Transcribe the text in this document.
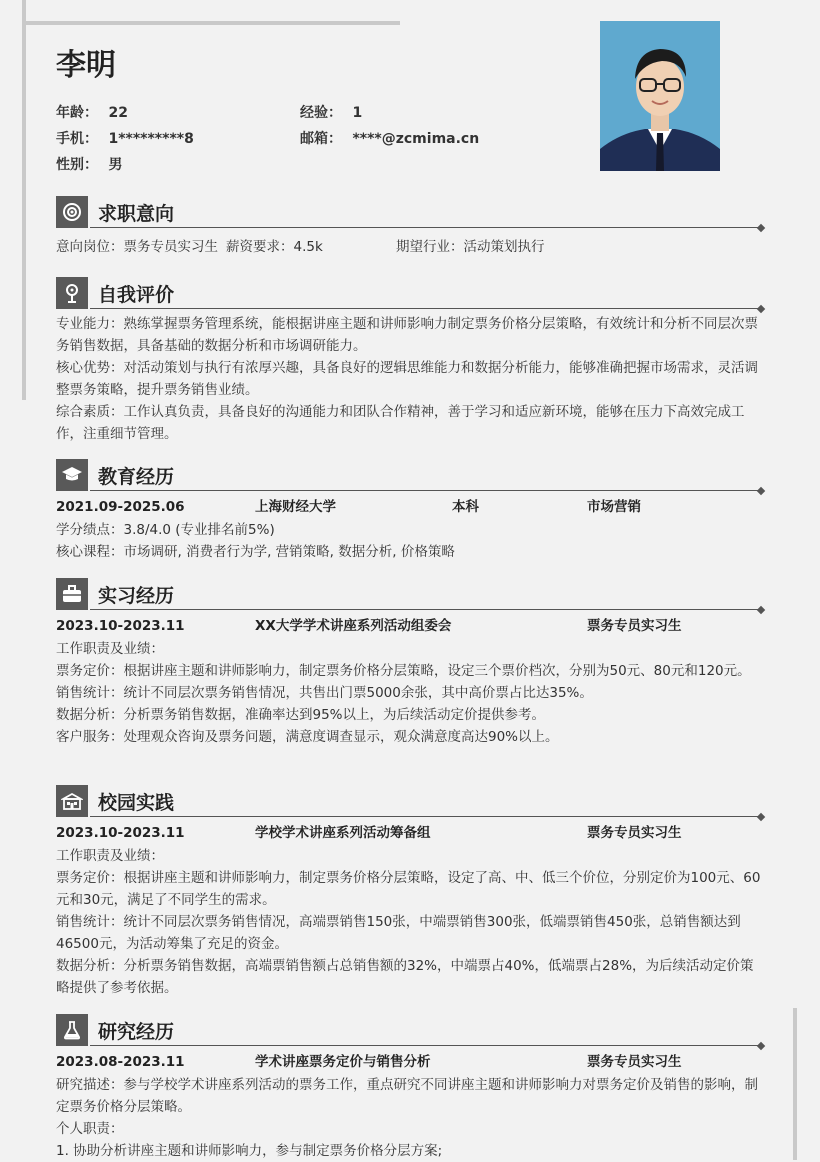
李明
年龄： 22	经验： 1
手机： 1*********8	邮箱： ****@zcmima.cn
性别： 男
求职意向
意向岗位：票务专员实习生 薪资要求：4.5k	期望行业：活动策划执行
自我评价

专业能力：熟练掌握票务管理系统，能根据讲座主题和讲师影响力制定票务价格分层策略，有效统计和分析不同层次票务销售数据，具备基础的数据分析和市场调研能力。

核心优势：对活动策划与执行有浓厚兴趣，具备良好的逻辑思维能力和数据分析能力，能够准确把握市场需求，灵活调整票务策略，提升票务销售业绩。

综合素质：工作认真负责，具备良好的沟通能力和团队合作精神，善于学习和适应新环境，能够在压力下高效完成工作，注重细节管理。

教育经历
2021.09-2025.06	上海财经大学	本科	市场营销

学分绩点：3.8/4.0 (专业排名前5%)

核心课程：市场调研, 消费者行为学, 营销策略, 数据分析, 价格策略

实习经历
2023.10-2023.11	XX大学学术讲座系列活动组委会	票务专员实习生

工作职责及业绩：

票务定价：根据讲座主题和讲师影响力，制定票务价格分层策略，设定三个票价档次，分别为50元、80元和120元。

销售统计：统计不同层次票务销售情况，共售出门票5000余张，其中高价票占比达35%。

数据分析：分析票务销售数据，准确率达到95%以上，为后续活动定价提供参考。

客户服务：处理观众咨询及票务问题，满意度调查显示，观众满意度高达90%以上。

校园实践
2023.10-2023.11	学校学术讲座系列活动筹备组	票务专员实习生

工作职责及业绩：

票务定价：根据讲座主题和讲师影响力，制定票务价格分层策略，设定了高、中、低三个价位，分别定价为100元、60元和30元，满足了不同学生的需求。

销售统计：统计不同层次票务销售情况，高端票销售150张，中端票销售300张，低端票销售450张，总销售额达到46500元，为活动筹集了充足的资金。

数据分析：分析票务销售数据，高端票销售额占总销售额的32%，中端票占40%，低端票占28%，为后续活动定价策略提供了参考依据。

研究经历
2023.08-2023.11	学术讲座票务定价与销售分析	票务专员实习生

研究描述：参与学校学术讲座系列活动的票务工作，重点研究不同讲座主题和讲师影响力对票务定价及销售的影响，制定票务价格分层策略。

个人职责：

1. 协助分析讲座主题和讲师影响力，参与制定票务价格分层方案;
